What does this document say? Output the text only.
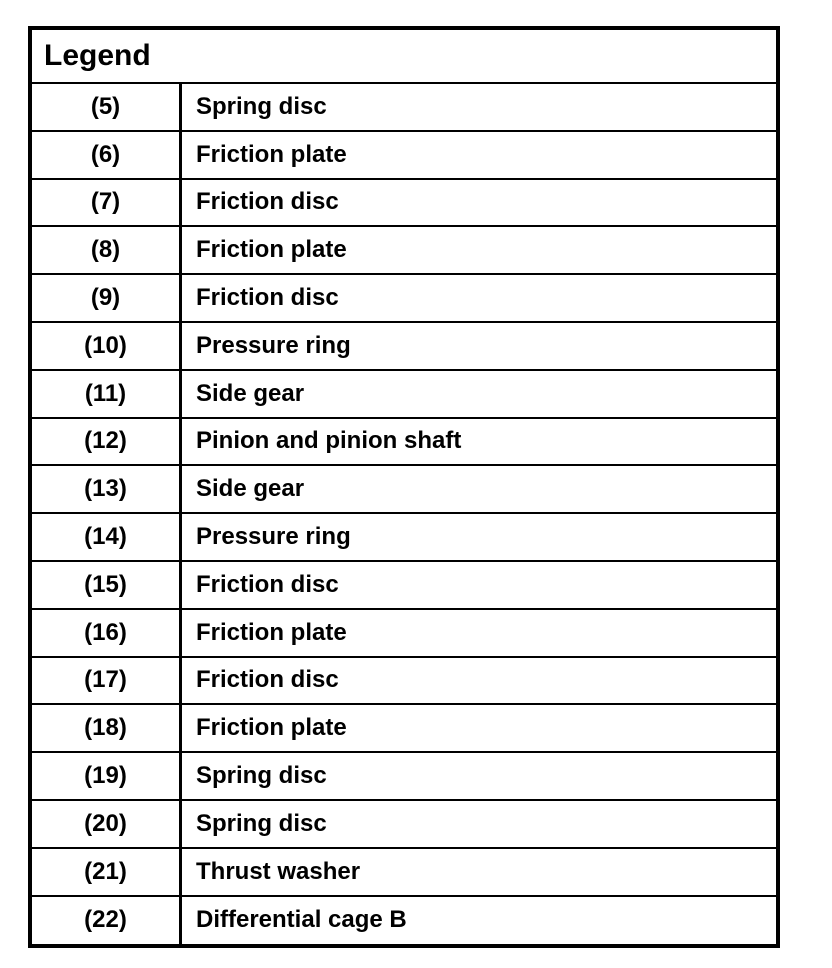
Legend
(5)	Spring disc
(6)	Friction plate
(7)	Friction disc
(8)	Friction plate
(9)	Friction disc
(10)	Pressure ring
(11)	Side gear
(12)	Pinion and pinion shaft
(13)	Side gear
(14)	Pressure ring
(15)	Friction disc
(16)	Friction plate
(17)	Friction disc
(18)	Friction plate
(19)	Spring disc
(20)	Spring disc
(21)	Thrust washer
(22)	Differential cage B
